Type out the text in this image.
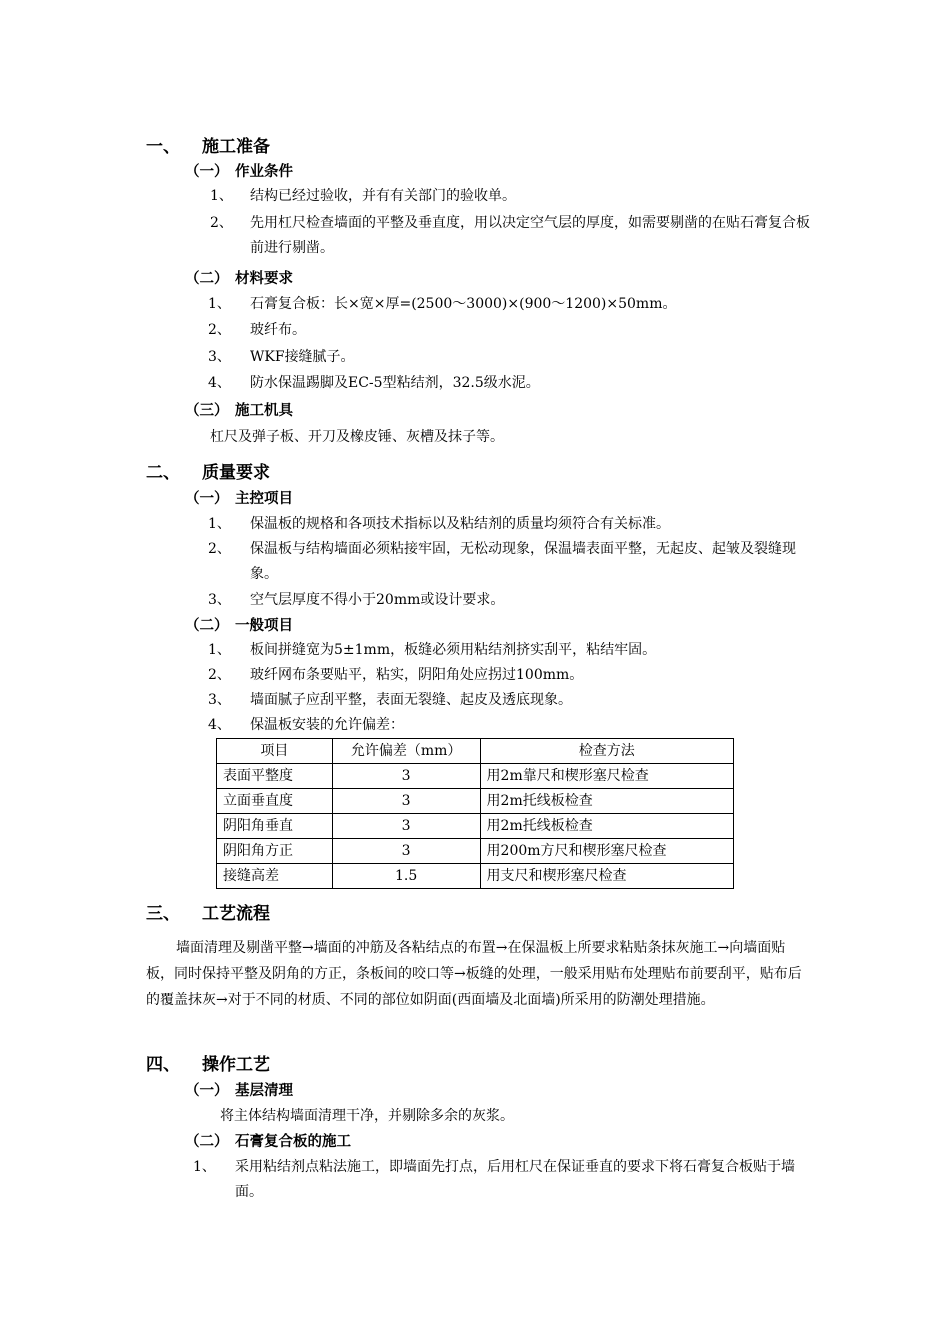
一、 施工准备
（一） 作业条件
1、 结构已经过验收，并有有关部门的验收单。
2、 先用杠尺检查墙面的平整及垂直度，用以决定空气层的厚度，如需要剔凿的在贴石膏复合板前进行剔凿。
（二） 材料要求
1、 石膏复合板：长×宽×厚=(2500～3000)×(900～1200)×50mm。
2、 玻纤布。
3、 WKF接缝腻子。
4、 防水保温踢脚及EC-5型粘结剂，32.5级水泥。
（三） 施工机具
杠尺及弹子板、开刀及橡皮锤、灰槽及抹子等。
二、 质量要求
（一） 主控项目
1、 保温板的规格和各项技术指标以及粘结剂的质量均须符合有关标准。
2、 保温板与结构墙面必须粘接牢固，无松动现象，保温墙表面平整，无起皮、起皱及裂缝现象。
3、 空气层厚度不得小于20mm或设计要求。
（二） 一般项目
1、 板间拼缝宽为5±1mm，板缝必须用粘结剂挤实刮平，粘结牢固。
2、 玻纤网布条要贴平，粘实，阴阳角处应拐过100mm。
3、 墙面腻子应刮平整，表面无裂缝、起皮及透底现象。
4、 保温板安装的允许偏差：
项目	允许偏差（mm）	检查方法
表面平整度	3	用2m靠尺和楔形塞尺检查
立面垂直度	3	用2m托线板检查
阴阳角垂直	3	用2m托线板检查
阴阳角方正	3	用200m方尺和楔形塞尺检查
接缝高差	1.5	用支尺和楔形塞尺检查
三、 工艺流程
墙面清理及剔凿平整→墙面的冲筋及各粘结点的布置→在保温板上所要求粘贴条抹灰施工→向墙面贴板，同时保持平整及阴角的方正，条板间的咬口等→板缝的处理，一般采用贴布处理贴布前要刮平，贴布后的覆盖抹灰→对于不同的材质、不同的部位如阴面(西面墙及北面墙)所采用的防潮处理措施。
四、 操作工艺
（一） 基层清理
将主体结构墙面清理干净，并剔除多余的灰浆。
（二） 石膏复合板的施工
1、 采用粘结剂点粘法施工，即墙面先打点，后用杠尺在保证垂直的要求下将石膏复合板贴于墙面。
